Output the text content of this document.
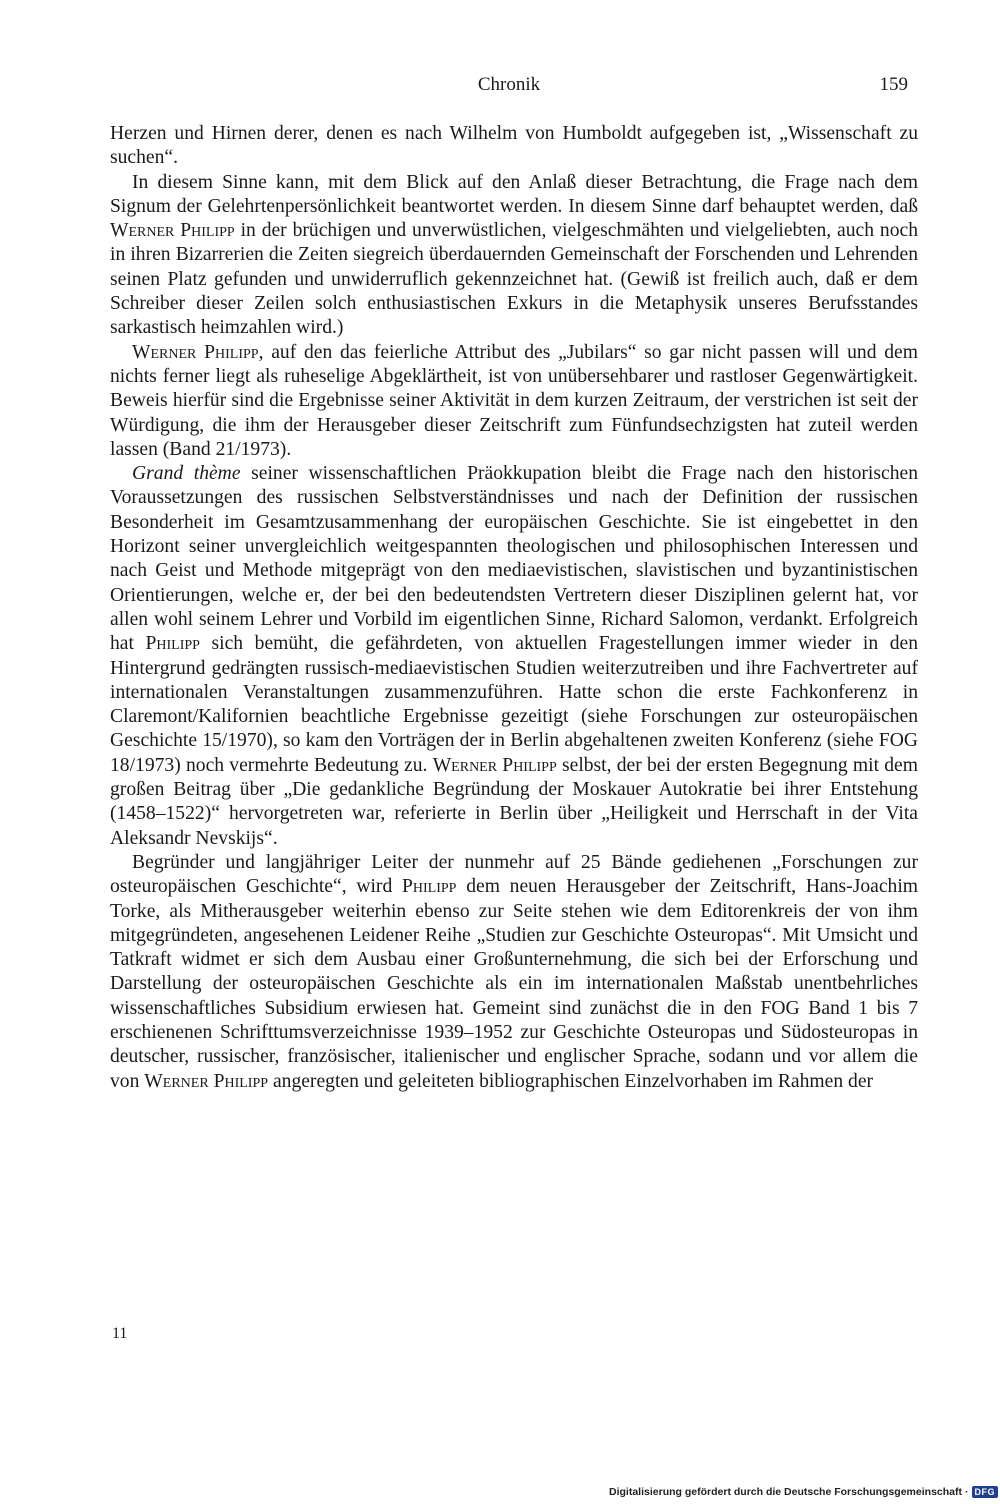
Chronik	159

Herzen und Hirnen derer, denen es nach Wilhelm von Humboldt aufgegeben ist, „Wissenschaft zu suchen“.

In diesem Sinne kann, mit dem Blick auf den Anlaß dieser Betrachtung, die Frage nach dem Signum der Gelehrtenpersönlichkeit beantwortet werden. In diesem Sinne darf behauptet werden, daß Werner Philipp in der brüchigen und unverwüstlichen, vielgeschmähten und vielgeliebten, auch noch in ihren Bizarrerien die Zeiten siegreich überdauernden Gemeinschaft der Forschenden und Lehrenden seinen Platz gefunden und unwiderruflich gekennzeichnet hat. (Gewiß ist freilich auch, daß er dem Schreiber dieser Zeilen solch enthusiastischen Exkurs in die Metaphysik unseres Berufsstandes sarkastisch heimzahlen wird.)

Werner Philipp, auf den das feierliche Attribut des „Jubilars“ so gar nicht passen will und dem nichts ferner liegt als ruheselige Abgeklärtheit, ist von unübersehbarer und rastloser Gegenwärtigkeit. Beweis hierfür sind die Ergebnisse seiner Aktivität in dem kurzen Zeitraum, der verstrichen ist seit der Würdigung, die ihm der Herausgeber dieser Zeitschrift zum Fünfundsechzigsten hat zuteil werden lassen (Band 21/1973).

Grand thème seiner wissenschaftlichen Präokkupation bleibt die Frage nach den historischen Voraussetzungen des russischen Selbstverständnisses und nach der Definition der russischen Besonderheit im Gesamtzusammenhang der europäischen Geschichte. Sie ist eingebettet in den Horizont seiner unvergleichlich weitgespannten theologischen und philosophischen Interessen und nach Geist und Methode mitgeprägt von den mediaevistischen, slavistischen und byzantinistischen Orientierungen, welche er, der bei den bedeutendsten Vertretern dieser Disziplinen gelernt hat, vor allen wohl seinem Lehrer und Vorbild im eigentlichen Sinne, Richard Salomon, verdankt. Erfolgreich hat Philipp sich bemüht, die gefährdeten, von aktuellen Fragestellungen immer wieder in den Hintergrund gedrängten russisch-mediaevistischen Studien weiterzutreiben und ihre Fachvertreter auf internationalen Veranstaltungen zusammenzuführen. Hatte schon die erste Fachkonferenz in Claremont/Kalifornien beachtliche Ergebnisse gezeitigt (siehe Forschungen zur osteuropäischen Geschichte 15/1970), so kam den Vorträgen der in Berlin abgehaltenen zweiten Konferenz (siehe FOG 18/1973) noch vermehrte Bedeutung zu. Werner Philipp selbst, der bei der ersten Begegnung mit dem großen Beitrag über „Die gedankliche Begründung der Moskauer Autokratie bei ihrer Entstehung (1458–1522)“ hervorgetreten war, referierte in Berlin über „Heiligkeit und Herrschaft in der Vita Aleksandr Nevskijs“.

Begründer und langjähriger Leiter der nunmehr auf 25 Bände gediehenen „Forschungen zur osteuropäischen Geschichte“, wird Philipp dem neuen Herausgeber der Zeitschrift, Hans-Joachim Torke, als Mitherausgeber weiterhin ebenso zur Seite stehen wie dem Editorenkreis der von ihm mitgegründeten, angesehenen Leidener Reihe „Studien zur Geschichte Osteuropas“. Mit Umsicht und Tatkraft widmet er sich dem Ausbau einer Großunternehmung, die sich bei der Erforschung und Darstellung der osteuropäischen Geschichte als ein im internationalen Maßstab unentbehrliches wissenschaftliches Subsidium erwiesen hat. Gemeint sind zunächst die in den FOG Band 1 bis 7 erschienenen Schrifttumsverzeichnisse 1939–1952 zur Geschichte Osteuropas und Südosteuropas in deutscher, russischer, französischer, italienischer und englischer Sprache, sodann und vor allem die von Werner Philipp angeregten und geleiteten bibliographischen Einzelvorhaben im Rahmen der

11
Digitalisierung gefördert durch die Deutsche Forschungsgemeinschaft · DFG
